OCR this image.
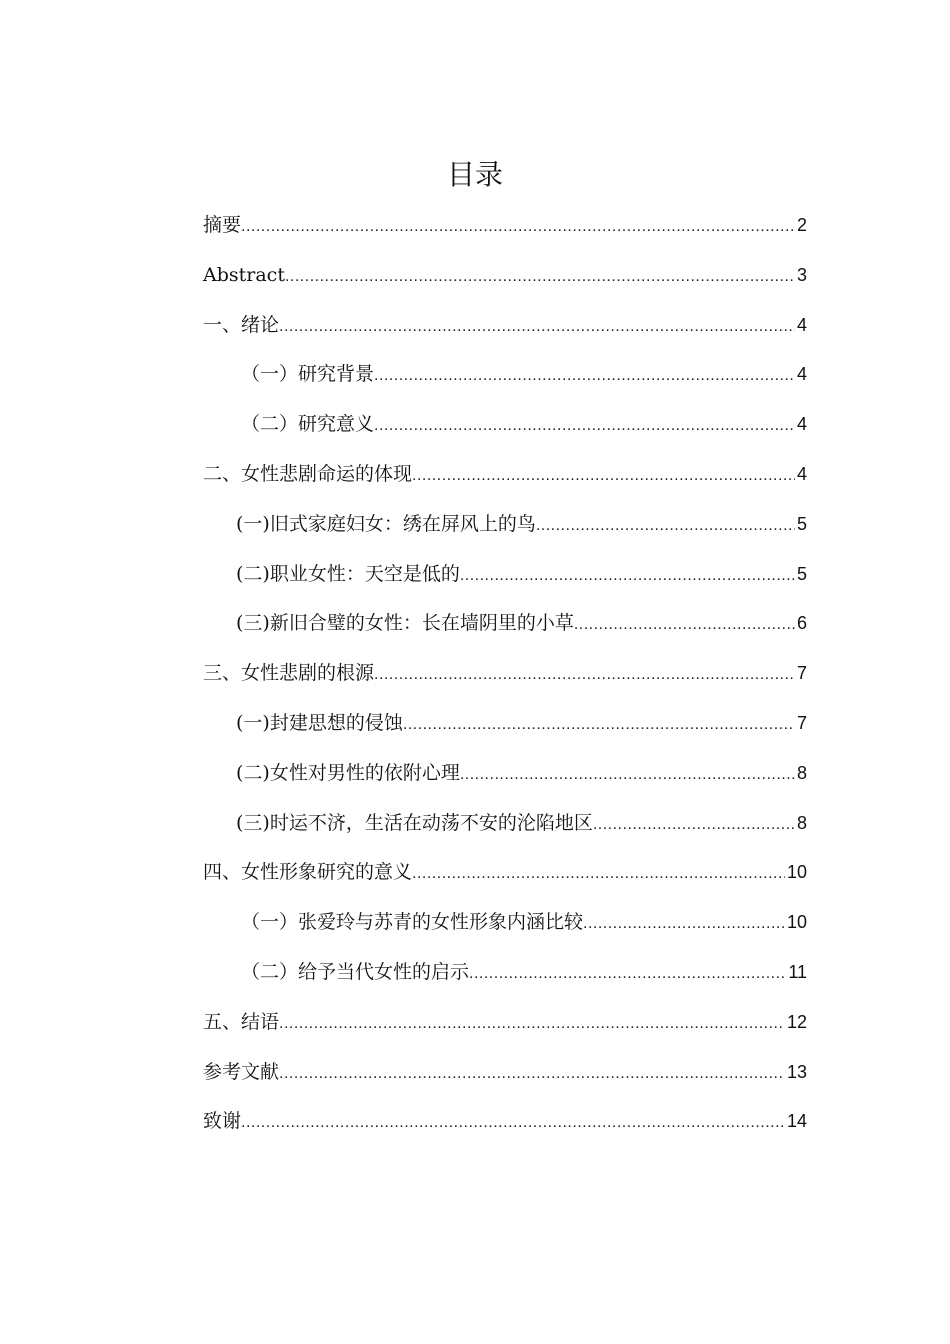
目录
摘要 .....	2
Abstract .....	3
一、绪论 .....	4
（一）研究背景 .....	4
（二）研究意义 .....	4
二、女性悲剧命运的体现 .....	4
(一)旧式家庭妇女：绣在屏风上的鸟 .....	5
(二)职业女性：天空是低的 .....	5
(三)新旧合璧的女性：长在墙阴里的小草 .....	6
三、女性悲剧的根源 .....	7
(一)封建思想的侵蚀 .....	7
(二)女性对男性的依附心理 .....	8
(三)时运不济，生活在动荡不安的沦陷地区 .....	8
四、女性形象研究的意义 .....	10
（一）张爱玲与苏青的女性形象内涵比较 .....	10
（二）给予当代女性的启示 .....	11
五、结语 .....	12
参考文献 .....	13
致谢 .....	14
